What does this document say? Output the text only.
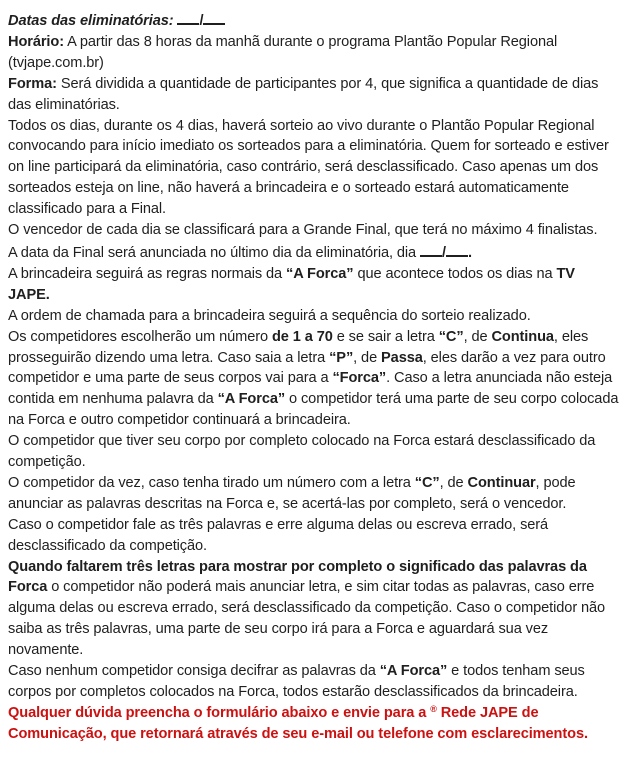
Datas das eliminatórias: /

Horário: A partir das 8 horas da manhã durante o programa Plantão Popular Regional (tvjape.com.br)

Forma: Será dividida a quantidade de participantes por 4, que significa a quantidade de dias das eliminatórias.

Todos os dias, durante os 4 dias, haverá sorteio ao vivo durante o Plantão Popular Regional convocando para início imediato os sorteados para a eliminatória. Quem for sorteado e estiver on line participará da eliminatória, caso contrário, será desclassificado. Caso apenas um dos sorteados esteja on line, não haverá a brincadeira e o sorteado estará automaticamente classificado para a Final.

O vencedor de cada dia se classificará para a Grande Final, que terá no máximo 4 finalistas.

A data da Final será anunciada no último dia da eliminatória, dia / .

A brincadeira seguirá as regras normais da “A Forca” que acontece todos os dias na TV JAPE.

A ordem de chamada para a brincadeira seguirá a sequência do sorteio realizado.

Os competidores escolherão um número de 1 a 70 e se sair a letra “C”, de Continua, eles prosseguirão dizendo uma letra. Caso saia a letra “P”, de Passa, eles darão a vez para outro competidor e uma parte de seus corpos vai para a “Forca”. Caso a letra anunciada não esteja contida em nenhuma palavra da “A Forca” o competidor terá uma parte de seu corpo colocada na Forca e outro competidor continuará a brincadeira.

O competidor que tiver seu corpo por completo colocado na Forca estará desclassificado da competição.

O competidor da vez, caso tenha tirado um número com a letra “C”, de Continuar, pode anunciar as palavras descritas na Forca e, se acertá-las por completo, será o vencedor.

Caso o competidor fale as três palavras e erre alguma delas ou escreva errado, será desclassificado da competição.

Quando faltarem três letras para mostrar por completo o significado das palavras da Forca o competidor não poderá mais anunciar letra, e sim citar todas as palavras, caso erre alguma delas ou escreva errado, será desclassificado da competição. Caso o competidor não saiba as três palavras, uma parte de seu corpo irá para a Forca e aguardará sua vez novamente.

Caso nenhum competidor consiga decifrar as palavras da “A Forca” e todos tenham seus corpos por completos colocados na Forca, todos estarão desclassificados da brincadeira.

Qualquer dúvida preencha o formulário abaixo e envie para a ® Rede JAPE de Comunicação, que retornará através de seu e-mail ou telefone com esclarecimentos.
